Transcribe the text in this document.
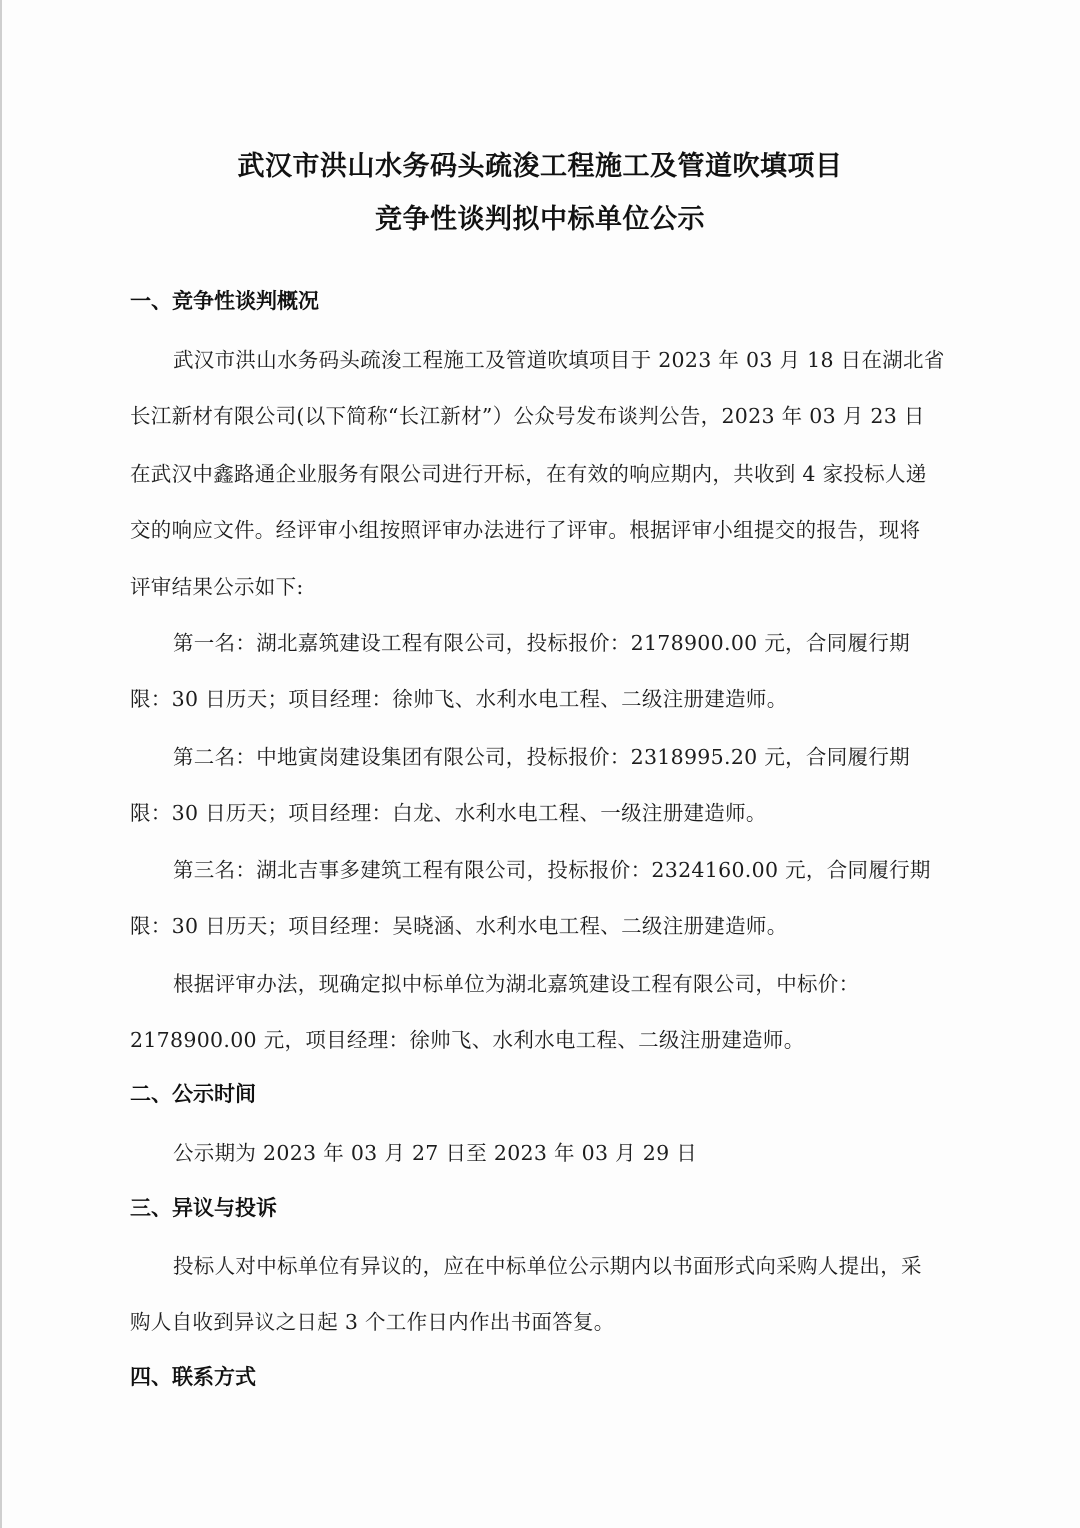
武汉市洪山水务码头疏浚工程施工及管道吹填项目
竞争性谈判拟中标单位公示
一、竞争性谈判概况
武汉市洪山水务码头疏浚工程施工及管道吹填项目于 2023 年 03 月 18 日在湖北省
长江新材有限公司(以下简称“长江新材”）公众号发布谈判公告，2023 年 03 月 23 日
在武汉中鑫路通企业服务有限公司进行开标，在有效的响应期内，共收到 4 家投标人递
交的响应文件。经评审小组按照评审办法进行了评审。根据评审小组提交的报告，现将
评审结果公示如下:
第一名：湖北嘉筑建设工程有限公司，投标报价：2178900.00 元，合同履行期
限：30 日历天；项目经理：徐帅飞、水利水电工程、二级注册建造师。
第二名：中地寅岗建设集团有限公司，投标报价：2318995.20 元，合同履行期
限：30 日历天；项目经理：白龙、水利水电工程、一级注册建造师。
第三名：湖北吉事多建筑工程有限公司，投标报价：2324160.00 元，合同履行期
限：30 日历天；项目经理：吴晓涵、水利水电工程、二级注册建造师。
根据评审办法，现确定拟中标单位为湖北嘉筑建设工程有限公司，中标价：
2178900.00 元，项目经理：徐帅飞、水利水电工程、二级注册建造师。
二、公示时间
公示期为 2023 年 03 月 27 日至 2023 年 03 月 29 日
三、异议与投诉
投标人对中标单位有异议的，应在中标单位公示期内以书面形式向采购人提出，采
购人自收到异议之日起 3 个工作日内作出书面答复。
四、联系方式
